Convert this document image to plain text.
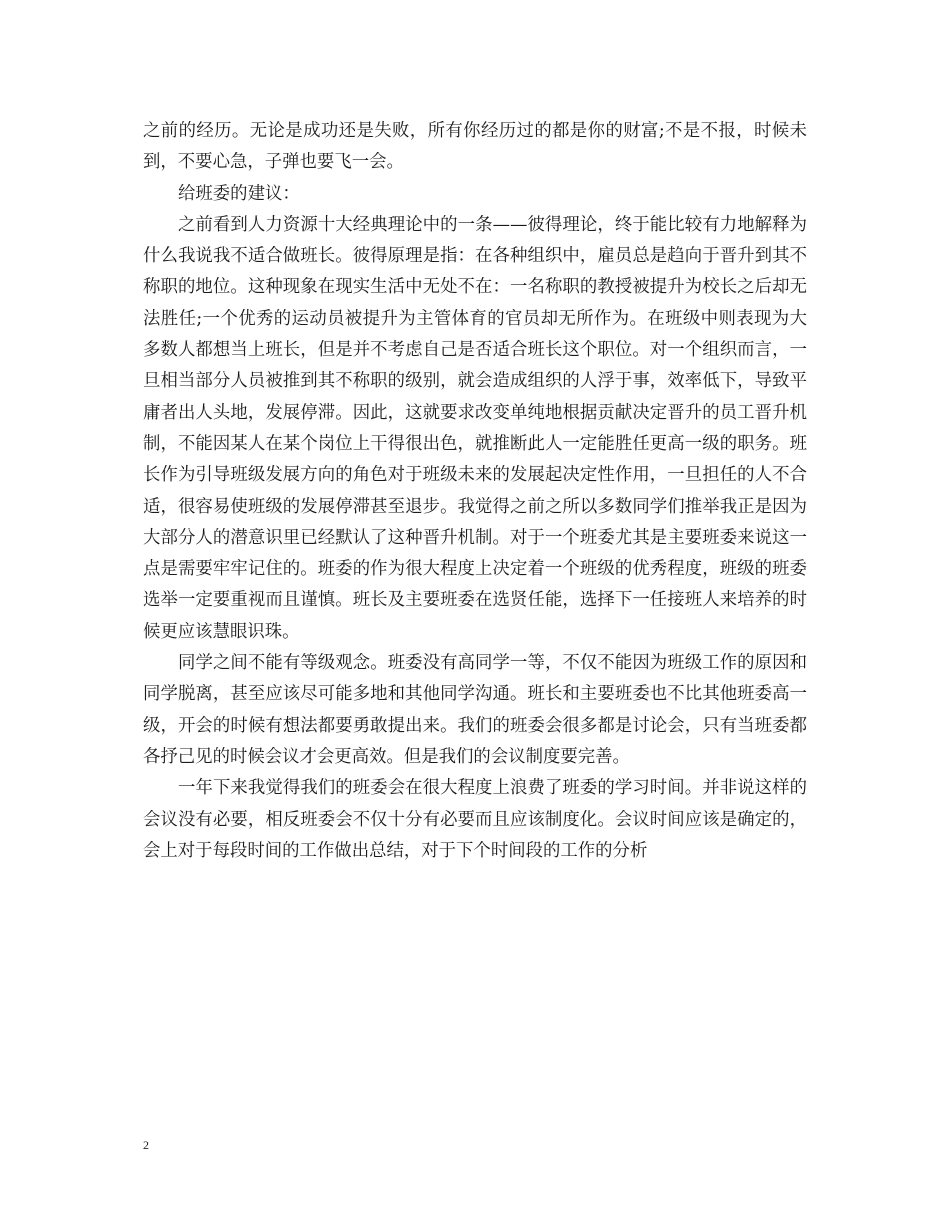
之前的经历。无论是成功还是失败，所有你经历过的都是你的财富;不是不报，时候未到，不要心急，子弹也要飞一会。

给班委的建议：

之前看到人力资源十大经典理论中的一条——彼得理论，终于能比较有力地解释为什么我说我不适合做班长。彼得原理是指：在各种组织中，雇员总是趋向于晋升到其不称职的地位。这种现象在现实生活中无处不在：一名称职的教授被提升为校长之后却无法胜任;一个优秀的运动员被提升为主管体育的官员却无所作为。在班级中则表现为大多数人都想当上班长，但是并不考虑自己是否适合班长这个职位。对一个组织而言，一旦相当部分人员被推到其不称职的级别，就会造成组织的人浮于事，效率低下，导致平庸者出人头地，发展停滞。因此，这就要求改变单纯地根据贡献决定晋升的员工晋升机制，不能因某人在某个岗位上干得很出色，就推断此人一定能胜任更高一级的职务。班长作为引导班级发展方向的角色对于班级未来的发展起决定性作用，一旦担任的人不合适，很容易使班级的发展停滞甚至退步。我觉得之前之所以多数同学们推举我正是因为大部分人的潜意识里已经默认了这种晋升机制。对于一个班委尤其是主要班委来说这一点是需要牢牢记住的。班委的作为很大程度上决定着一个班级的优秀程度，班级的班委选举一定要重视而且谨慎。班长及主要班委在选贤任能，选择下一任接班人来培养的时候更应该慧眼识珠。

同学之间不能有等级观念。班委没有高同学一等，不仅不能因为班级工作的原因和同学脱离，甚至应该尽可能多地和其他同学沟通。班长和主要班委也不比其他班委高一级，开会的时候有想法都要勇敢提出来。我们的班委会很多都是讨论会，只有当班委都各抒己见的时候会议才会更高效。但是我们的会议制度要完善。

一年下来我觉得我们的班委会在很大程度上浪费了班委的学习时间。并非说这样的会议没有必要，相反班委会不仅十分有必要而且应该制度化。会议时间应该是确定的，会上对于每段时间的工作做出总结，对于下个时间段的工作的分析

2
